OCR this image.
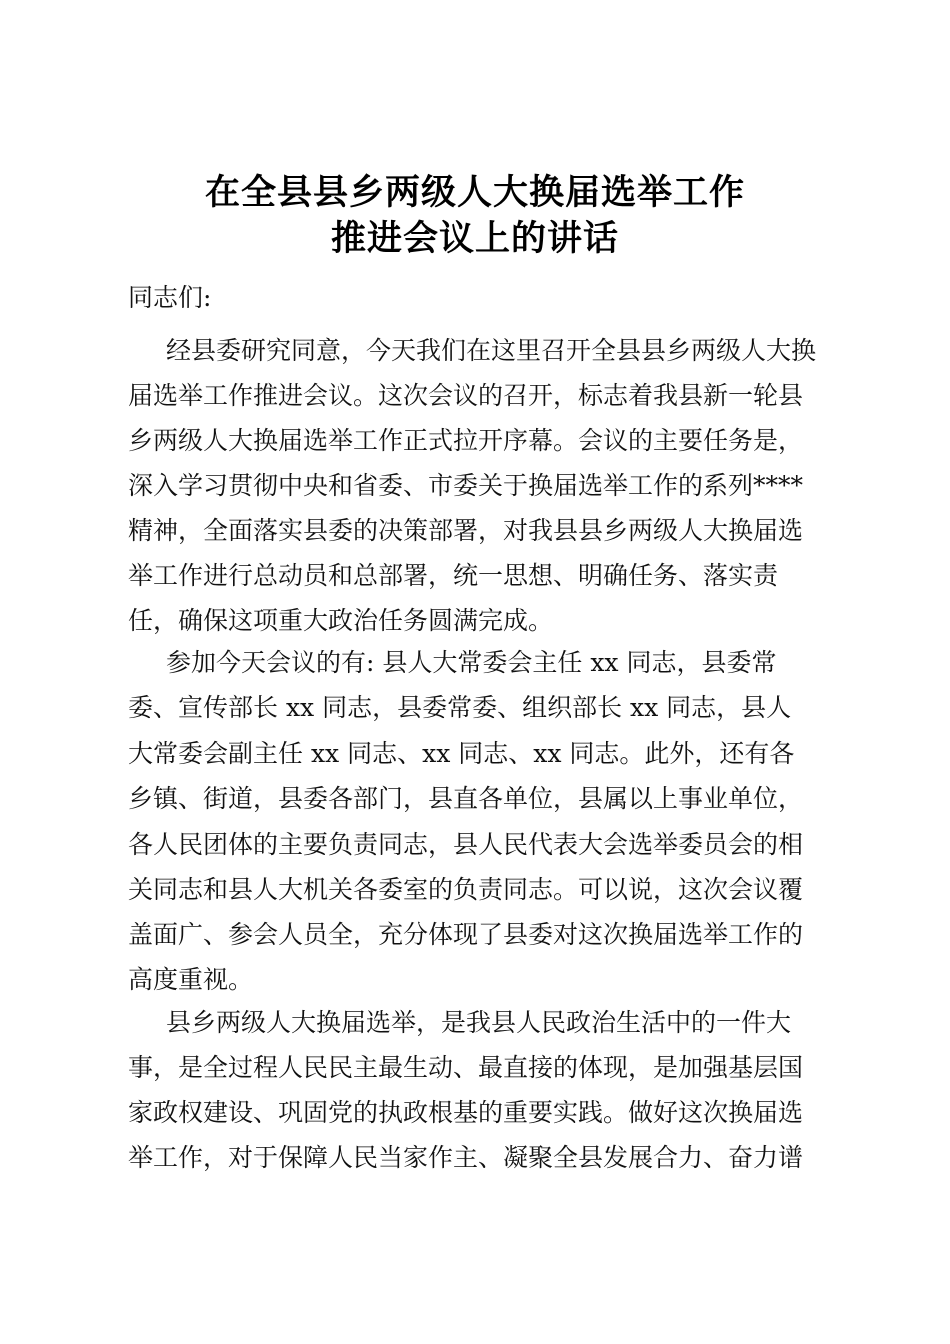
在全县县乡两级人大换届选举工作
推进会议上的讲话
同志们:
经县委研究同意，今天我们在这里召开全县县乡两级人大换
届选举工作推进会议。这次会议的召开，标志着我县新一轮县
乡两级人大换届选举工作正式拉开序幕。会议的主要任务是，
深入学习贯彻中央和省委、市委关于换届选举工作的系列****
精神，全面落实县委的决策部署，对我县县乡两级人大换届选
举工作进行总动员和总部署，统一思想、明确任务、落实责
任，确保这项重大政治任务圆满完成。
参加今天会议的有: 县人大常委会主任 xx 同志，县委常
委、宣传部长 xx 同志，县委常委、组织部长 xx 同志，县人
大常委会副主任 xx 同志、xx 同志、xx 同志。此外，还有各
乡镇、街道，县委各部门，县直各单位，县属以上事业单位，
各人民团体的主要负责同志，县人民代表大会选举委员会的相
关同志和县人大机关各委室的负责同志。可以说，这次会议覆
盖面广、参会人员全，充分体现了县委对这次换届选举工作的
高度重视。
县乡两级人大换届选举，是我县人民政治生活中的一件大
事，是全过程人民民主最生动、最直接的体现，是加强基层国
家政权建设、巩固党的执政根基的重要实践。做好这次换届选
举工作，对于保障人民当家作主、凝聚全县发展合力、奋力谱
